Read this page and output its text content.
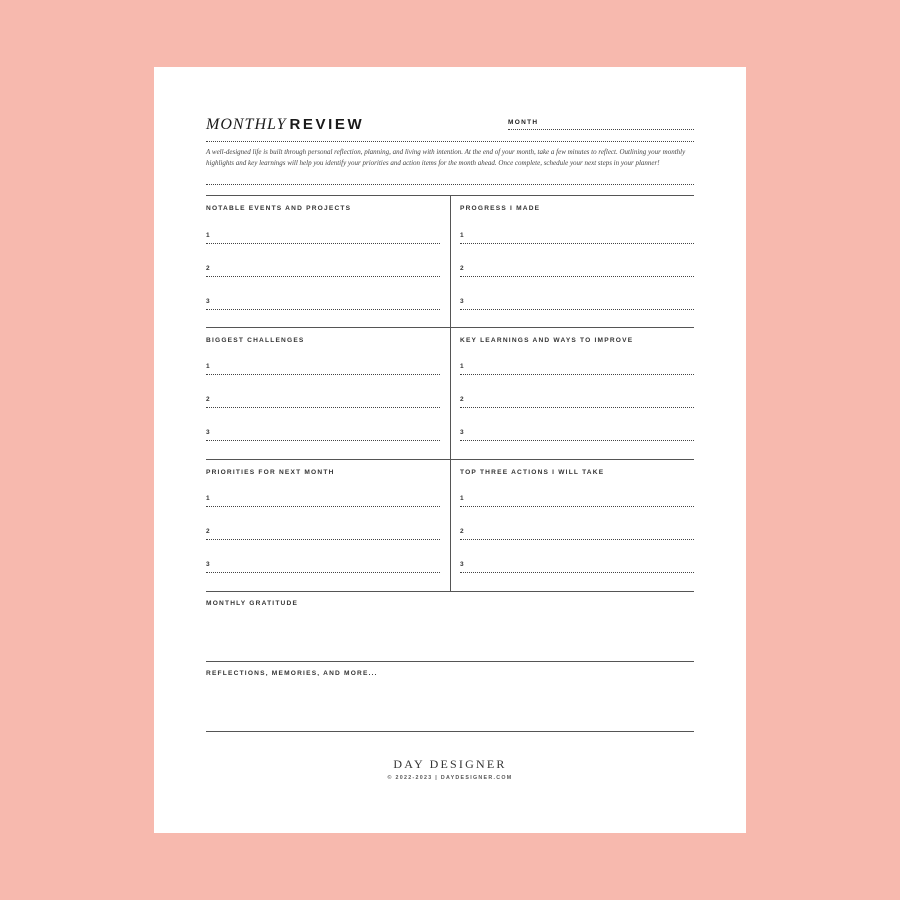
MONTHLY REVIEW	MONTH
A well-designed life is built through personal reflection, planning, and living with intention. At the end of your month, take a few minutes to reflect. Outlining your monthly highlights and key learnings will help you identify your priorities and action items for the month ahead. Once complete, schedule your next steps in your planner!
NOTABLE EVENTS AND PROJECTS
1
2
3
PROGRESS I MADE
1
2
3
BIGGEST CHALLENGES
1
2
3
KEY LEARNINGS AND WAYS TO IMPROVE
1
2
3
PRIORITIES FOR NEXT MONTH
1
2
3
TOP THREE ACTIONS I WILL TAKE
1
2
3
MONTHLY GRATITUDE
REFLECTIONS, MEMORIES, AND MORE...
DAY DESIGNER
© 2022-2023 | DAYDESIGNER.COM
